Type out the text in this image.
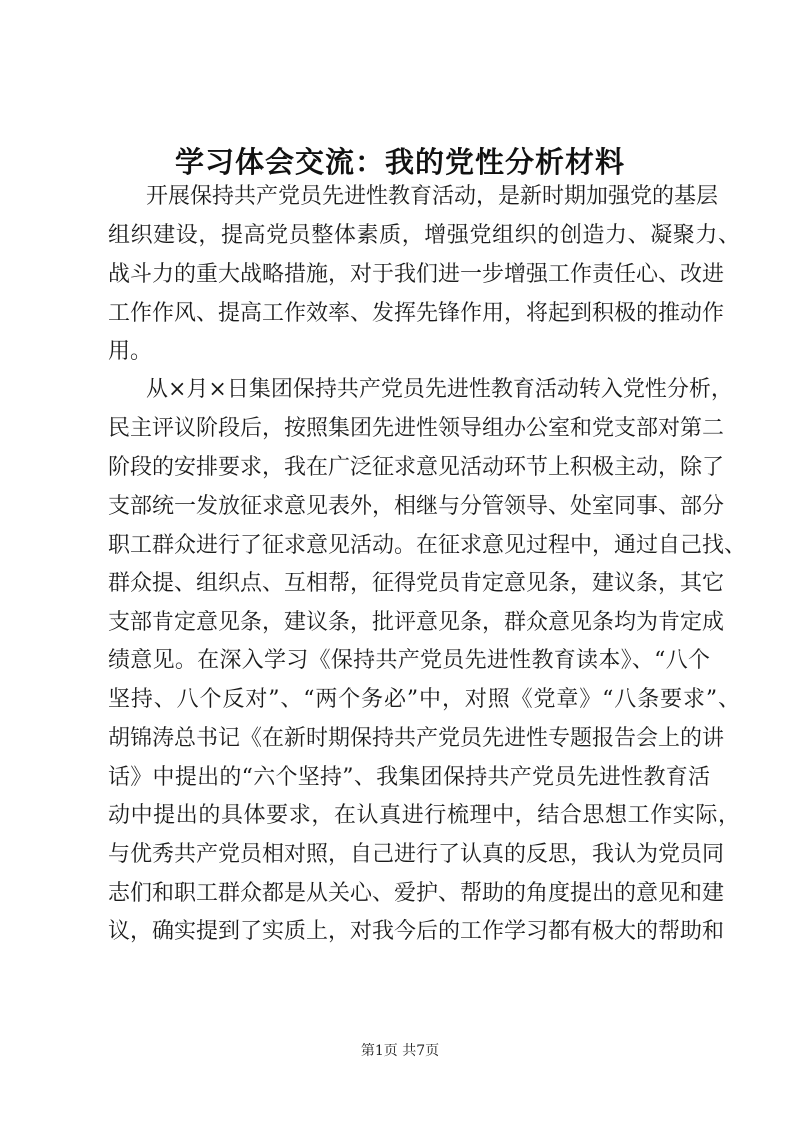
学习体会交流：我的党性分析材料
开展保持共产党员先进性教育活动，是新时期加强党的基层
组织建设，提高党员整体素质，增强党组织的创造力、凝聚力、
战斗力的重大战略措施，对于我们进一步增强工作责任心、改进
工作作风、提高工作效率、发挥先锋作用，将起到积极的推动作
用。
从×月×日集团保持共产党员先进性教育活动转入党性分析，
民主评议阶段后，按照集团先进性领导组办公室和党支部对第二
阶段的安排要求，我在广泛征求意见活动环节上积极主动，除了
支部统一发放征求意见表外，相继与分管领导、处室同事、部分
职工群众进行了征求意见活动。在征求意见过程中，通过自己找、
群众提、组织点、互相帮，征得党员肯定意见条，建议条，其它
支部肯定意见条，建议条，批评意见条，群众意见条均为肯定成
绩意见。在深入学习《保持共产党员先进性教育读本》、“八个
坚持、八个反对”、“两个务必”中，对照《党章》“八条要求”、
胡锦涛总书记《在新时期保持共产党员先进性专题报告会上的讲
话》中提出的“六个坚持”、我集团保持共产党员先进性教育活
动中提出的具体要求，在认真进行梳理中，结合思想工作实际，
与优秀共产党员相对照，自己进行了认真的反思，我认为党员同
志们和职工群众都是从关心、爱护、帮助的角度提出的意见和建
议，确实提到了实质上，对我今后的工作学习都有极大的帮助和
第1页 共7页
